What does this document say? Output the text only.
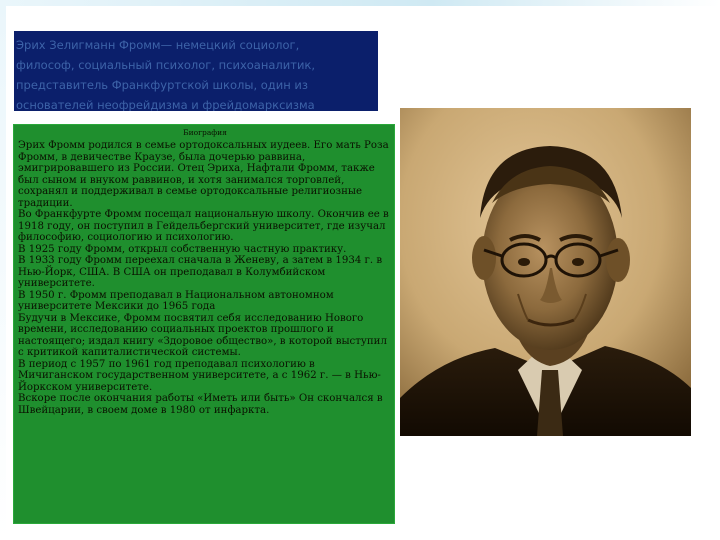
Эрих Зелигманн Фромм— немецкий социолог,
философ, социальный психолог, психоаналитик,
представитель Франкфуртской школы, один из
основателей неофрейдизма и фрейдомарксизма
Биография

Эрих Фромм родился в семье ортодоксальных иудеев. Его мать Роза Фромм, в девичестве Краузе, была дочерью раввина, эмигрировавшего из России. Отец Эриха, Нафтали Фромм, также был сыном и внуком раввинов, и хотя занимался торговлей, сохранял и поддерживал в семье ортодоксальные религиозные традиции.

Во Франкфурте Фромм посещал национальную школу. Окончив ее в 1918 году, он поступил в Гейдельбергский университет, где изучал философию, социологию и психологию.

В 1925 году Фромм, открыл собственную частную практику.

В 1933 году Фромм переехал сначала в Женеву, а затем в 1934 г. в Нью-Йорк, США. В США он преподавал в Колумбийском университете.

В 1950 г. Фромм преподавал в Национальном автономном университете Мексики до 1965 года

Будучи в Мексике, Фромм посвятил себя исследованию Нового времени, исследованию социальных проектов прошлого и настоящего; издал книгу «Здоровое общество», в которой выступил с критикой капиталистической системы.

В период с 1957 по 1961 год преподавал психологию в Мичиганском государственном университете, а с 1962 г. — в Нью-Йоркском университете.

Вскоре после окончания работы «Иметь или быть» Он скончался в Швейцарии, в своем доме в 1980 от инфаркта.
